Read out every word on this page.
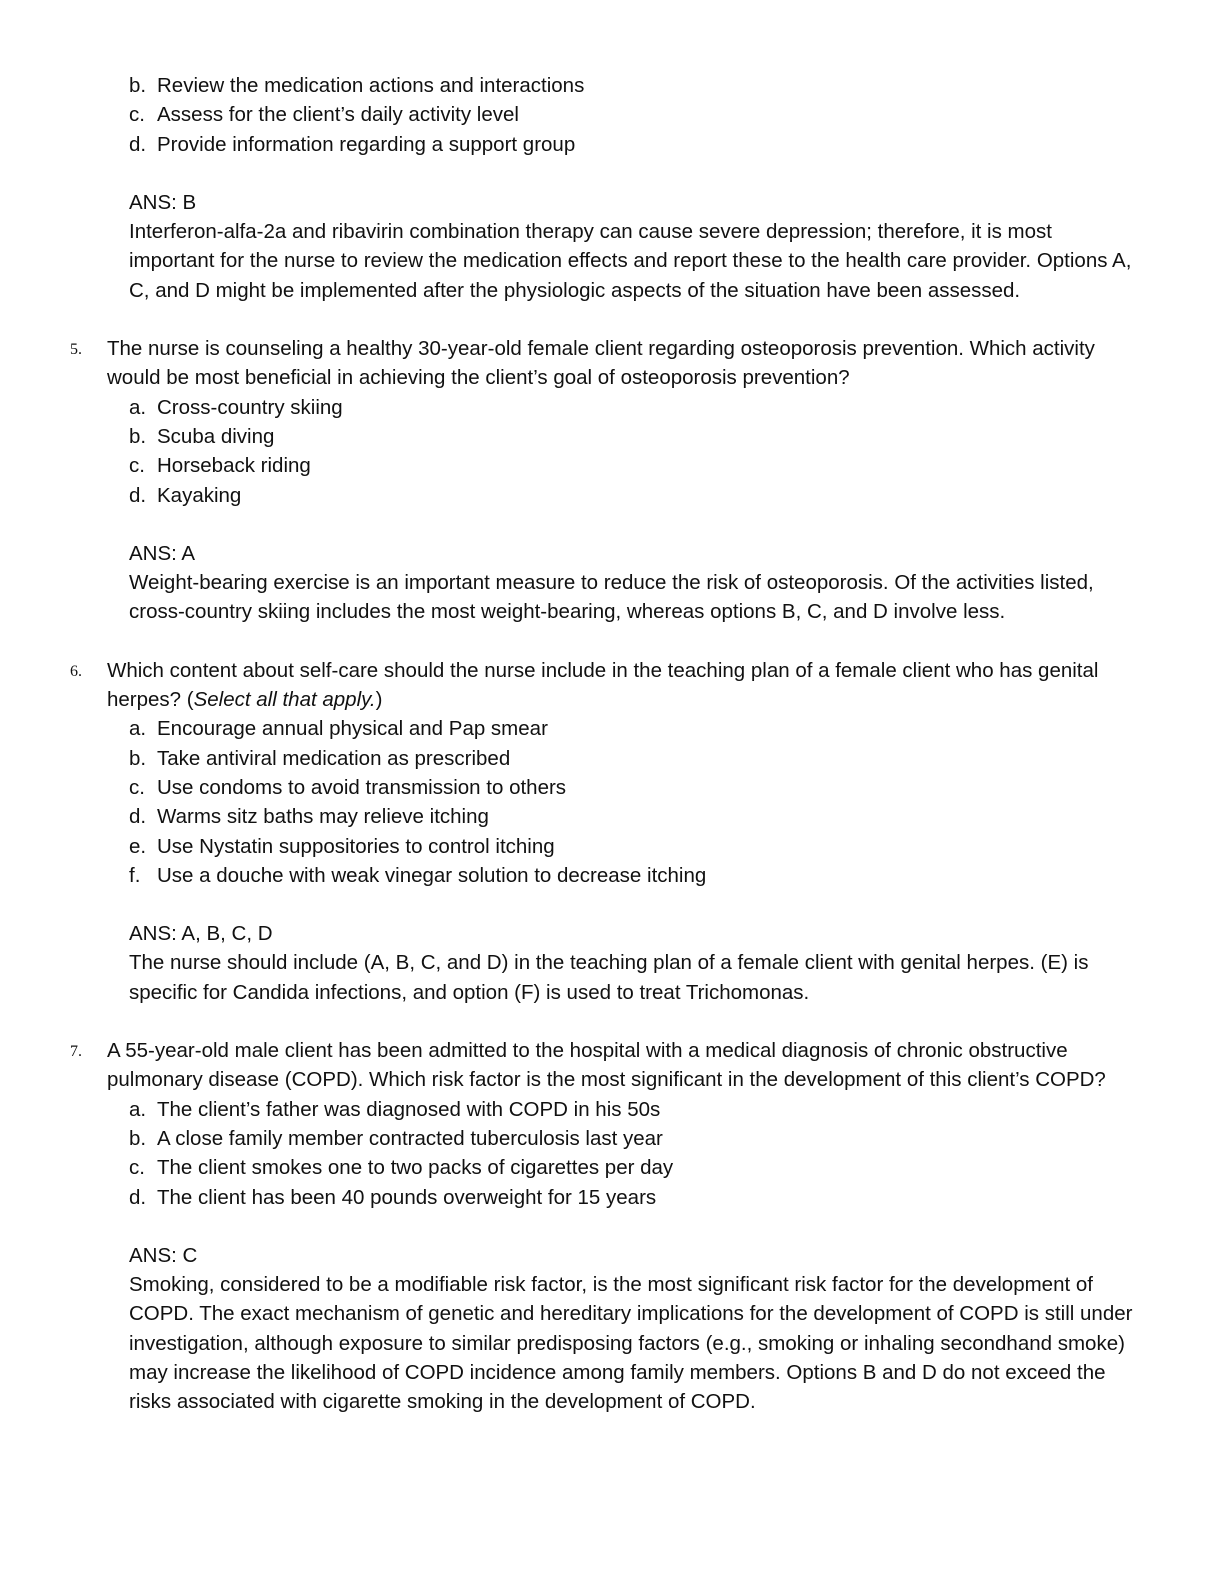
b. Review the medication actions and interactions
c. Assess for the client’s daily activity level
d. Provide information regarding a support group
ANS: B
Interferon-alfa-2a and ribavirin combination therapy can cause severe depression; therefore, it is most important for the nurse to review the medication effects and report these to the health care provider. Options A, C, and D might be implemented after the physiologic aspects of the situation have been assessed.
5.	The nurse is counseling a healthy 30-year-old female client regarding osteoporosis prevention. Which activity would be most beneficial in achieving the client’s goal of osteoporosis prevention?
a. Cross-country skiing
b. Scuba diving
c. Horseback riding
d. Kayaking
ANS: A
Weight-bearing exercise is an important measure to reduce the risk of osteoporosis. Of the activities listed, cross-country skiing includes the most weight-bearing, whereas options B, C, and D involve less.
6.	Which content about self-care should the nurse include in the teaching plan of a female client who has genital herpes? (Select all that apply.)
a. Encourage annual physical and Pap smear
b. Take antiviral medication as prescribed
c. Use condoms to avoid transmission to others
d. Warms sitz baths may relieve itching
e. Use Nystatin suppositories to control itching
f. Use a douche with weak vinegar solution to decrease itching
ANS: A, B, C, D
The nurse should include (A, B, C, and D) in the teaching plan of a female client with genital herpes. (E) is specific for Candida infections, and option (F) is used to treat Trichomonas.
7.	A 55-year-old male client has been admitted to the hospital with a medical diagnosis of chronic obstructive pulmonary disease (COPD). Which risk factor is the most significant in the development of this client’s COPD?
a. The client’s father was diagnosed with COPD in his 50s
b. A close family member contracted tuberculosis last year
c. The client smokes one to two packs of cigarettes per day
d. The client has been 40 pounds overweight for 15 years
ANS: C
Smoking, considered to be a modifiable risk factor, is the most significant risk factor for the development of COPD. The exact mechanism of genetic and hereditary implications for the development of COPD is still under investigation, although exposure to similar predisposing factors (e.g., smoking or inhaling secondhand smoke) may increase the likelihood of COPD incidence among family members. Options B and D do not exceed the risks associated with cigarette smoking in the development of COPD.
